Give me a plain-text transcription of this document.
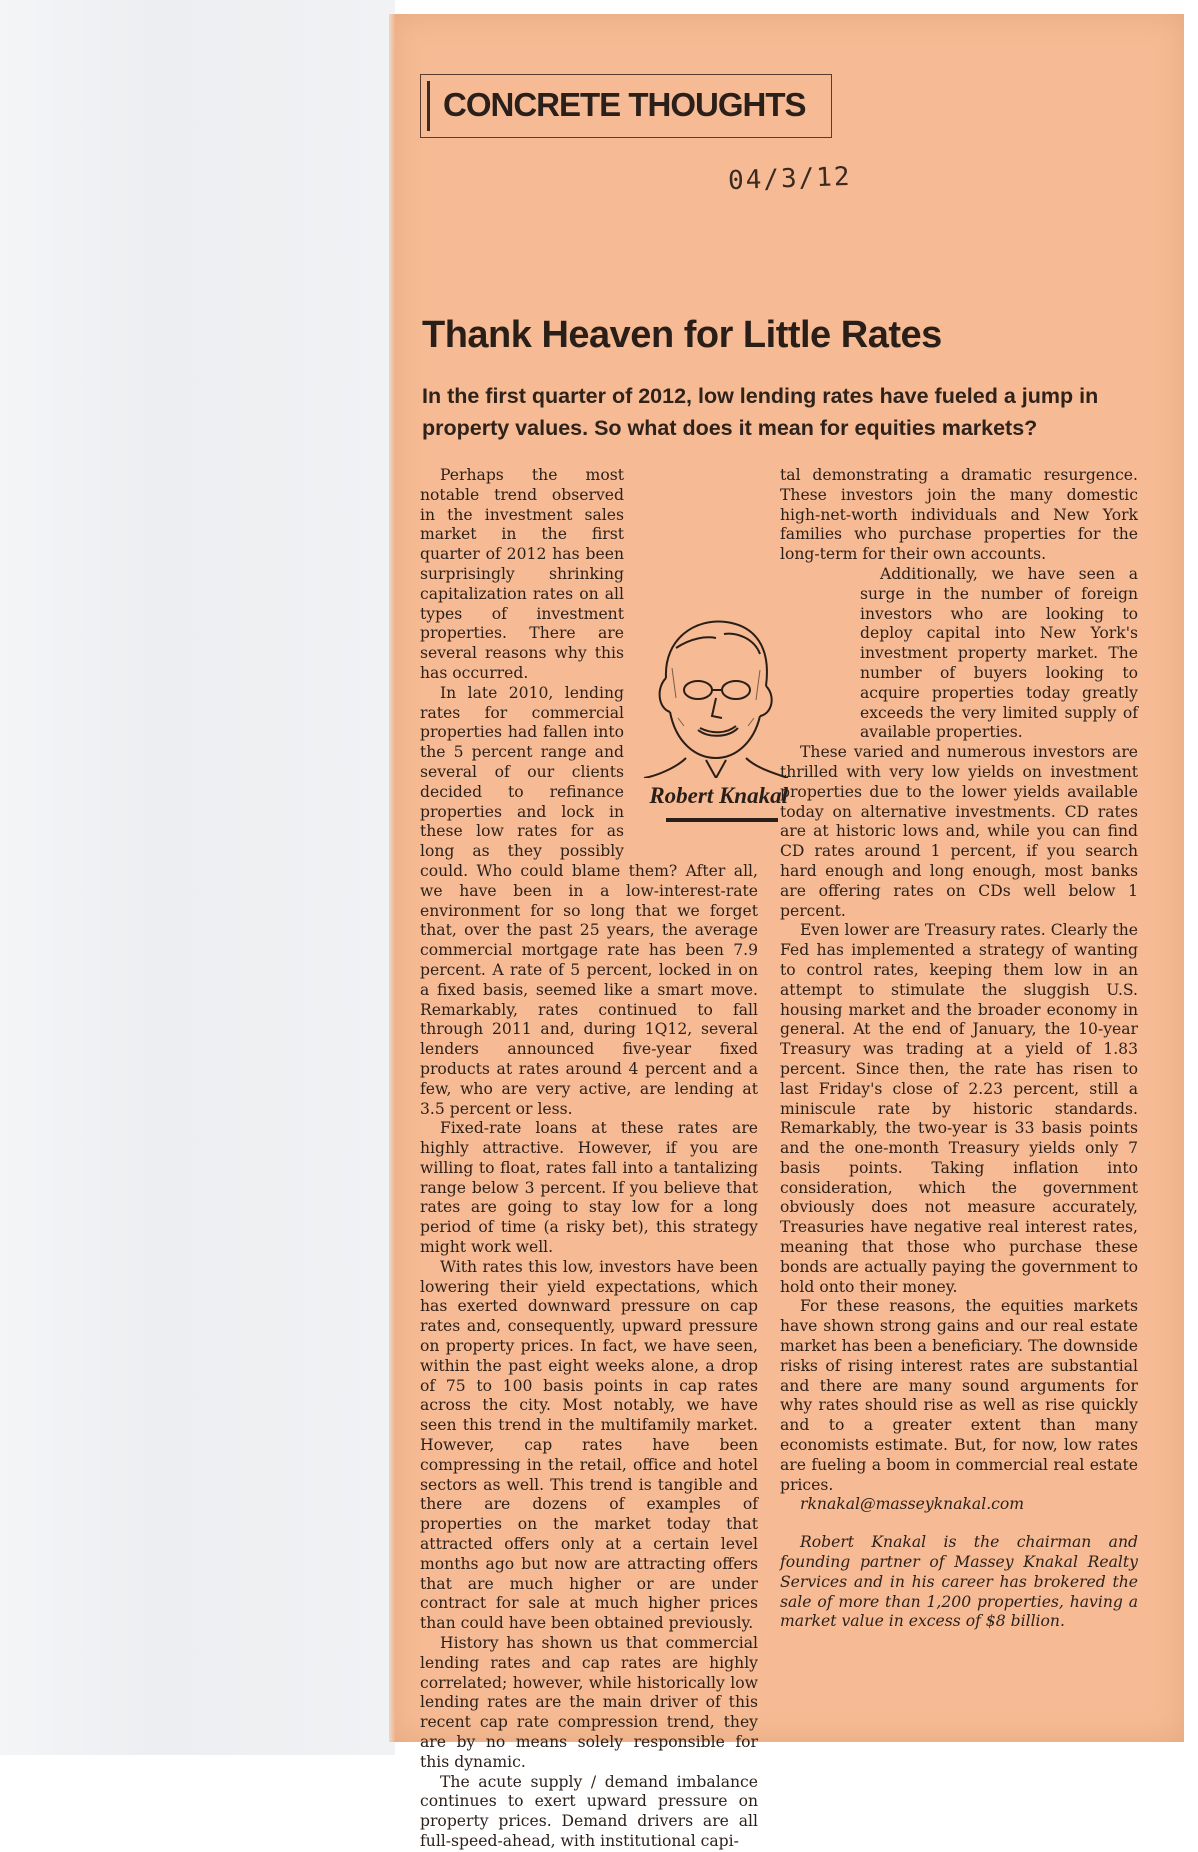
CONCRETE THOUGHTS
04/3/12
Thank Heaven for Little Rates

In the first quarter of 2012, low lending rates have fueled a jump in property values. So what does it mean for equities markets?

Robert Knakal

Perhaps the most notable trend observed in the investment sales market in the first quarter of 2012 has been surprisingly shrinking capitalization rates on all types of investment properties. There are several reasons why this has occurred.

In late 2010, lending rates for commercial properties had fallen into the 5 percent range and several of our clients decided to refinance properties and lock in these low rates for as long as they possibly could. Who could blame them? After all, we have been in a low-interest-rate environment for so long that we forget that, over the past 25 years, the average commercial mortgage rate has been 7.9 percent. A rate of 5 percent, locked in on a fixed basis, seemed like a smart move. Remarkably, rates continued to fall through 2011 and, during 1Q12, several lenders announced five-year fixed products at rates around 4 percent and a few, who are very active, are lending at 3.5 percent or less.

Fixed-rate loans at these rates are highly attractive. However, if you are willing to float, rates fall into a tantalizing range below 3 percent. If you believe that rates are going to stay low for a long period of time (a risky bet), this strategy might work well.

With rates this low, investors have been lowering their yield expectations, which has exerted downward pressure on cap rates and, consequently, upward pressure on property prices. In fact, we have seen, within the past eight weeks alone, a drop of 75 to 100 basis points in cap rates across the city. Most notably, we have seen this trend in the multifamily market. However, cap rates have been compressing in the retail, office and hotel sectors as well. This trend is tangible and there are dozens of examples of properties on the market today that attracted offers only at a certain level months ago but now are attracting offers that are much higher or are under contract for sale at much higher prices than could have been obtained previously.

History has shown us that commercial lending rates and cap rates are highly correlated; however, while historically low lending rates are the main driver of this recent cap rate compression trend, they are by no means solely responsible for this dynamic.

The acute supply / demand imbalance continues to exert upward pressure on property prices. Demand drivers are all full-speed-ahead, with institutional capi-

tal demonstrating a dramatic resurgence. These investors join the many domestic high-net-worth individuals and New York families who purchase properties for the long-term for their own accounts.

Additionally, we have seen a surge in the number of foreign investors who are looking to deploy capital into New York's investment property market. The number of buyers looking to acquire properties today greatly exceeds the very limited supply of available properties.

These varied and numerous investors are thrilled with very low yields on investment properties due to the lower yields available today on alternative investments. CD rates are at historic lows and, while you can find CD rates around 1 percent, if you search hard enough and long enough, most banks are offering rates on CDs well below 1 percent.

Even lower are Treasury rates. Clearly the Fed has implemented a strategy of wanting to control rates, keeping them low in an attempt to stimulate the sluggish U.S. housing market and the broader economy in general. At the end of January, the 10-year Treasury was trading at a yield of 1.83 percent. Since then, the rate has risen to last Friday's close of 2.23 percent, still a miniscule rate by historic standards. Remarkably, the two-year is 33 basis points and the one-month Treasury yields only 7 basis points. Taking inflation into consideration, which the government obviously does not measure accurately, Treasuries have negative real interest rates, meaning that those who purchase these bonds are actually paying the government to hold onto their money.

For these reasons, the equities markets have shown strong gains and our real estate market has been a beneficiary. The downside risks of rising interest rates are substantial and there are many sound arguments for why rates should rise as well as rise quickly and to a greater extent than many economists estimate. But, for now, low rates are fueling a boom in commercial real estate prices.

rknakal@masseyknakal.com

Robert Knakal is the chairman and founding partner of Massey Knakal Realty Services and in his career has brokered the sale of more than 1,200 properties, having a market value in excess of $8 billion.
